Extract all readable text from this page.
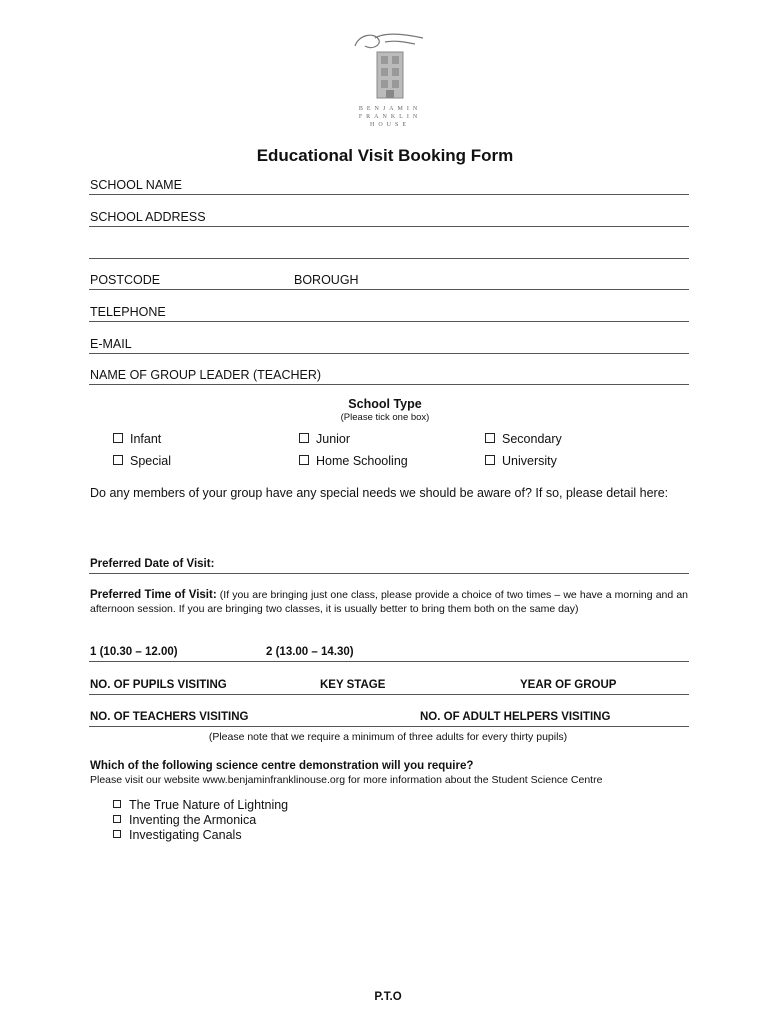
BENJAMIN
FRANKLIN
HOUSE
Educational Visit Booking Form
SCHOOL NAME
SCHOOL ADDRESS
POSTCODE	BOROUGH
TELEPHONE
E-MAIL
NAME OF GROUP LEADER (TEACHER)
School Type
(Please tick one box)
Infant	Junior	Secondary
Special	Home Schooling	University
Do any members of your group have any special needs we should be aware of? If so, please detail here:
Preferred Date of Visit:
Preferred Time of Visit: (If you are bringing just one class, please provide a choice of two times – we have a morning and an afternoon session. If you are bringing two classes, it is usually better to bring them both on the same day)
1 (10.30 – 12.00)	2 (13.00 – 14.30)
NO. OF PUPILS VISITING	KEY STAGE	YEAR OF GROUP
NO. OF TEACHERS VISITING	NO. OF ADULT HELPERS VISITING
(Please note that we require a minimum of three adults for every thirty pupils)
Which of the following science centre demonstration will you require?
Please visit our website www.benjaminfranklinouse.org for more information about the Student Science Centre
The True Nature of Lightning
Inventing the Armonica
Investigating Canals
P.T.O
